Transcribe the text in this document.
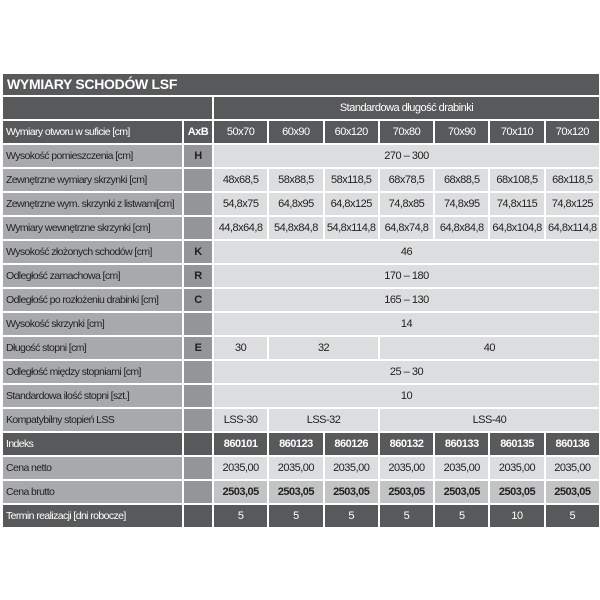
WYMIARY SCHODÓW LSF
		Standardowa długość drabinki						
Wymiary otworu w suficie [cm]	AxB	50x70	60x90	60x120	70x80	70x90	70x110	70x120
Wysokość pomieszczenia [cm]	H	270 – 300						
Zewnętrzne wymiary skrzynki [cm]		48x68,5	58x88,5	58x118,5	68x78,5	68x88,5	68x108,5	68x118,5
Zewnętrzne wym. skrzynki z listwami[cm]		54,8x75	64,8x95	64,8x125	74,8x85	74,8x95	74,8x115	74,8x125
Wymiary wewnętrzne skrzynki [cm]		44,8x64,8	54,8x84,8	54,8x114,8	64,8x74,8	64,8x84,8	64,8x104,8	64,8x114,8
Wysokość złożonych schodów [cm]	K	46						
Odległość zamachowa [cm]	R	170 – 180						
Odległość po rozłożeniu drabinki [cm]	C	165 – 130						
Wysokość skrzynki [cm]		14						
Długość stopni [cm]	E	30	32		40			
Odległość między stopniami [cm]		25 – 30						
Standardowa ilość stopni [szt.]		10						
Kompatybilny stopień LSS		LSS-30	LSS-32		LSS-40			
Indeks		860101	860123	860126	860132	860133	860135	860136
Cena netto		2035,00	2035,00	2035,00	2035,00	2035,00	2035,00	2035,00
Cena brutto		2503,05	2503,05	2503,05	2503,05	2503,05	2503,05	2503,05
Termin realizacji [dni robocze]		5	5	5	5	5	10	5
